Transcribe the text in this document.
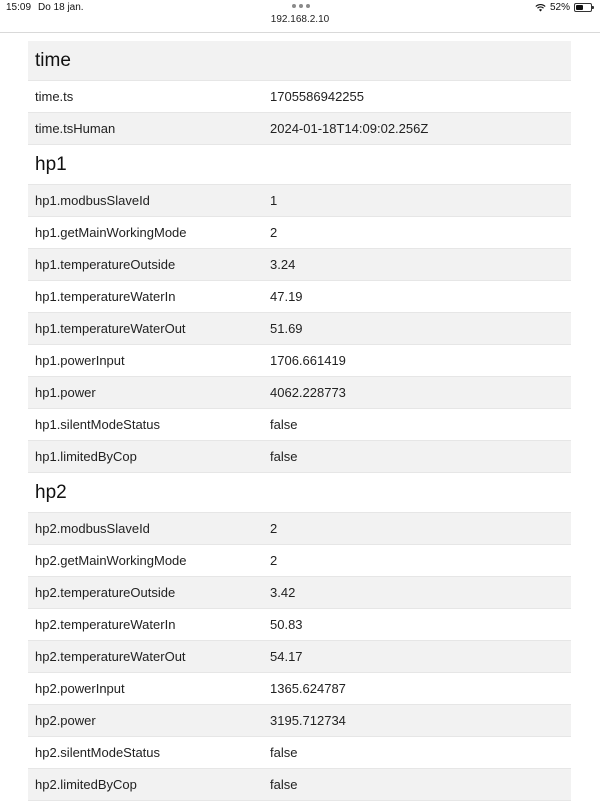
15:09 Do 18 jan.	52%
192.168.2.10
time
time.ts	1705586942255
time.tsHuman	2024-01-18T14:09:02.256Z
hp1
hp1.modbusSlaveId	1
hp1.getMainWorkingMode	2
hp1.temperatureOutside	3.24
hp1.temperatureWaterIn	47.19
hp1.temperatureWaterOut	51.69
hp1.powerInput	1706.661419
hp1.power	4062.228773
hp1.silentModeStatus	false
hp1.limitedByCop	false
hp2
hp2.modbusSlaveId	2
hp2.getMainWorkingMode	2
hp2.temperatureOutside	3.42
hp2.temperatureWaterIn	50.83
hp2.temperatureWaterOut	54.17
hp2.powerInput	1365.624787
hp2.power	3195.712734
hp2.silentModeStatus	false
hp2.limitedByCop	false
